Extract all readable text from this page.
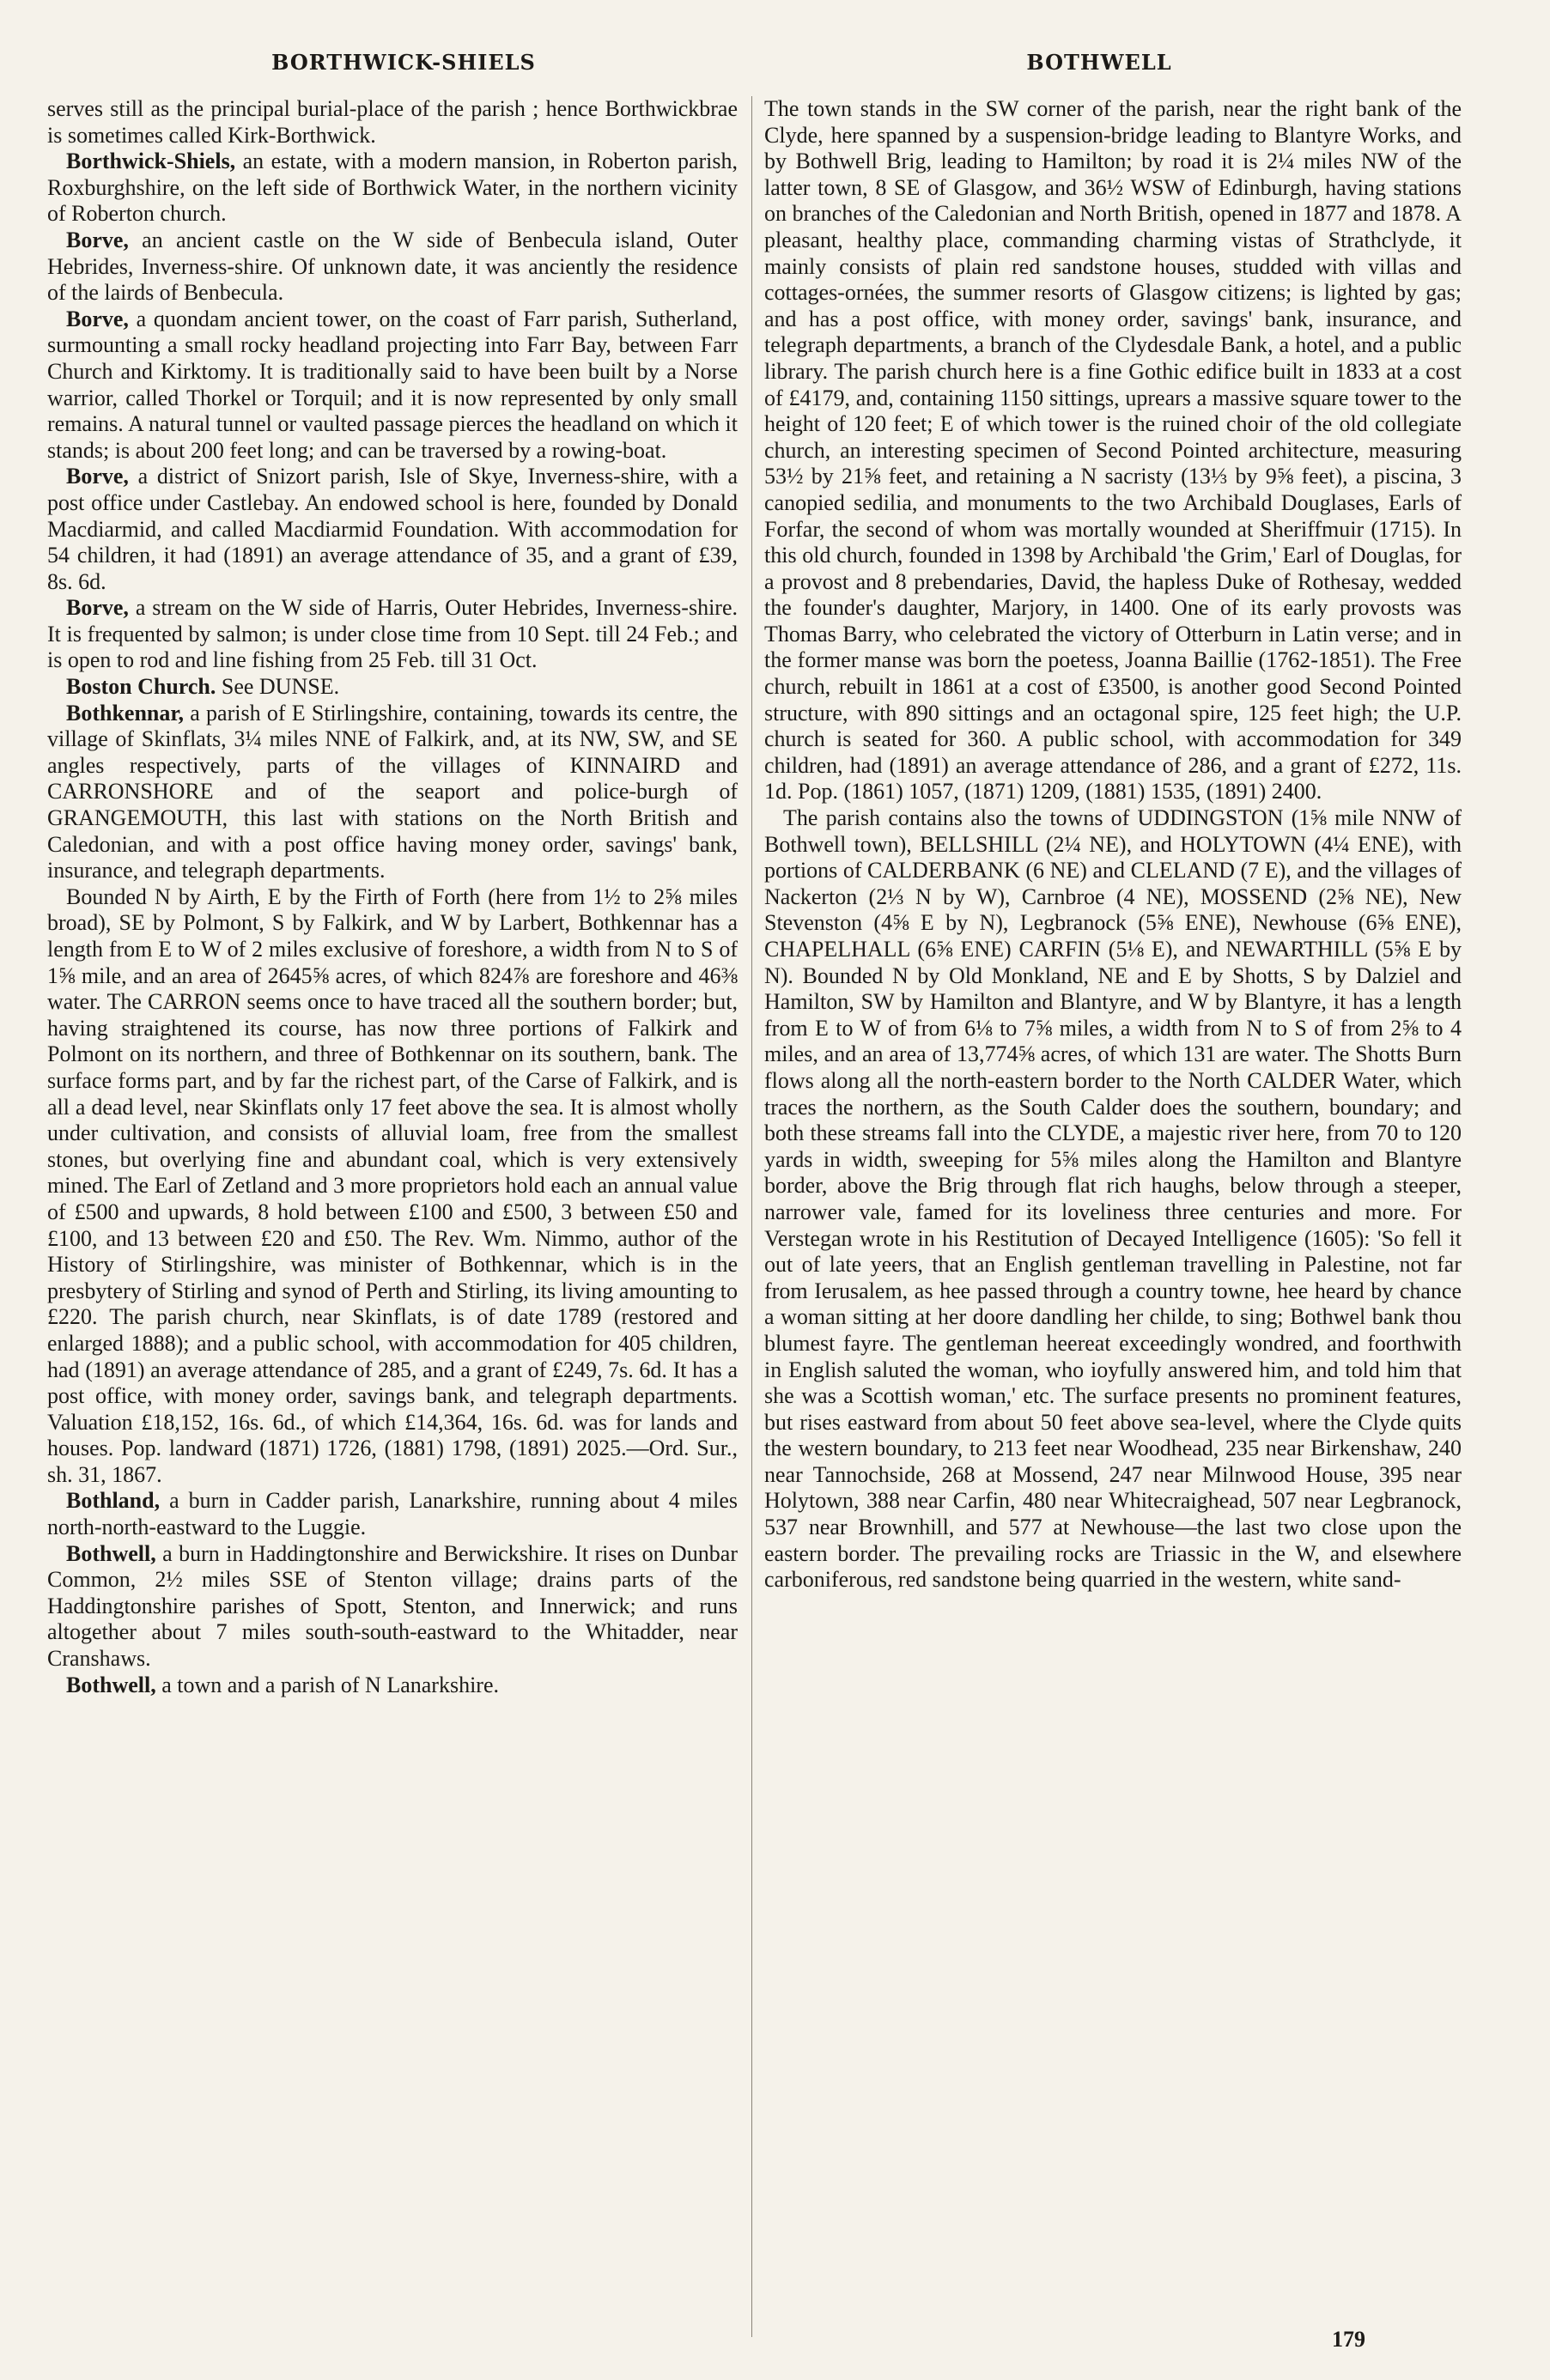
BORTHWICK-SHIELS	BOTHWELL

serves still as the principal burial-place of the parish ; hence Borthwickbrae is sometimes called Kirk-Borthwick.

Borthwick-Shiels, an estate, with a modern mansion, in Roberton parish, Roxburghshire, on the left side of Borthwick Water, in the northern vicinity of Roberton church.

Borve, an ancient castle on the W side of Benbecula island, Outer Hebrides, Inverness-shire. Of unknown date, it was anciently the residence of the lairds of Benbecula.

Borve, a quondam ancient tower, on the coast of Farr parish, Sutherland, surmounting a small rocky headland projecting into Farr Bay, between Farr Church and Kirktomy. It is traditionally said to have been built by a Norse warrior, called Thorkel or Torquil; and it is now represented by only small remains. A natural tunnel or vaulted passage pierces the headland on which it stands; is about 200 feet long; and can be traversed by a rowing-boat.

Borve, a district of Snizort parish, Isle of Skye, Inverness-shire, with a post office under Castlebay. An endowed school is here, founded by Donald Macdiarmid, and called Macdiarmid Foundation. With accommodation for 54 children, it had (1891) an average attendance of 35, and a grant of £39, 8s. 6d.

Borve, a stream on the W side of Harris, Outer Hebrides, Inverness-shire. It is frequented by salmon; is under close time from 10 Sept. till 24 Feb.; and is open to rod and line fishing from 25 Feb. till 31 Oct.

Boston Church. See DUNSE.

Bothkennar, a parish of E Stirlingshire, containing, towards its centre, the village of Skinflats, 3¼ miles NNE of Falkirk, and, at its NW, SW, and SE angles respectively, parts of the villages of KINNAIRD and CARRONSHORE and of the seaport and police-burgh of GRANGEMOUTH, this last with stations on the North British and Caledonian, and with a post office having money order, savings' bank, insurance, and telegraph departments.

Bounded N by Airth, E by the Firth of Forth (here from 1½ to 2⅝ miles broad), SE by Polmont, S by Falkirk, and W by Larbert, Bothkennar has a length from E to W of 2 miles exclusive of foreshore, a width from N to S of 1⅝ mile, and an area of 2645⅝ acres, of which 824⅞ are foreshore and 46⅜ water. The CARRON seems once to have traced all the southern border; but, having straightened its course, has now three portions of Falkirk and Polmont on its northern, and three of Bothkennar on its southern, bank. The surface forms part, and by far the richest part, of the Carse of Falkirk, and is all a dead level, near Skinflats only 17 feet above the sea. It is almost wholly under cultivation, and consists of alluvial loam, free from the smallest stones, but overlying fine and abundant coal, which is very extensively mined. The Earl of Zetland and 3 more proprietors hold each an annual value of £500 and upwards, 8 hold between £100 and £500, 3 between £50 and £100, and 13 between £20 and £50. The Rev. Wm. Nimmo, author of the History of Stirlingshire, was minister of Bothkennar, which is in the presbytery of Stirling and synod of Perth and Stirling, its living amounting to £220. The parish church, near Skinflats, is of date 1789 (restored and enlarged 1888); and a public school, with accommodation for 405 children, had (1891) an average attendance of 285, and a grant of £249, 7s. 6d. It has a post office, with money order, savings bank, and telegraph departments. Valuation £18,152, 16s. 6d., of which £14,364, 16s. 6d. was for lands and houses. Pop. landward (1871) 1726, (1881) 1798, (1891) 2025.—Ord. Sur., sh. 31, 1867.

Bothland, a burn in Cadder parish, Lanarkshire, running about 4 miles north-north-eastward to the Luggie.

Bothwell, a burn in Haddingtonshire and Berwickshire. It rises on Dunbar Common, 2½ miles SSE of Stenton village; drains parts of the Haddingtonshire parishes of Spott, Stenton, and Innerwick; and runs altogether about 7 miles south-south-eastward to the Whitadder, near Cranshaws.

Bothwell, a town and a parish of N Lanarkshire.

The town stands in the SW corner of the parish, near the right bank of the Clyde, here spanned by a suspension-bridge leading to Blantyre Works, and by Bothwell Brig, leading to Hamilton; by road it is 2¼ miles NW of the latter town, 8 SE of Glasgow, and 36½ WSW of Edinburgh, having stations on branches of the Caledonian and North British, opened in 1877 and 1878. A pleasant, healthy place, commanding charming vistas of Strathclyde, it mainly consists of plain red sandstone houses, studded with villas and cottages-ornées, the summer resorts of Glasgow citizens; is lighted by gas; and has a post office, with money order, savings' bank, insurance, and telegraph departments, a branch of the Clydesdale Bank, a hotel, and a public library. The parish church here is a fine Gothic edifice built in 1833 at a cost of £4179, and, containing 1150 sittings, uprears a massive square tower to the height of 120 feet; E of which tower is the ruined choir of the old collegiate church, an interesting specimen of Second Pointed architecture, measuring 53½ by 21⅝ feet, and retaining a N sacristy (13⅓ by 9⅝ feet), a piscina, 3 canopied sedilia, and monuments to the two Archibald Douglases, Earls of Forfar, the second of whom was mortally wounded at Sheriffmuir (1715). In this old church, founded in 1398 by Archibald 'the Grim,' Earl of Douglas, for a provost and 8 prebendaries, David, the hapless Duke of Rothesay, wedded the founder's daughter, Marjory, in 1400. One of its early provosts was Thomas Barry, who celebrated the victory of Otterburn in Latin verse; and in the former manse was born the poetess, Joanna Baillie (1762-1851). The Free church, rebuilt in 1861 at a cost of £3500, is another good Second Pointed structure, with 890 sittings and an octagonal spire, 125 feet high; the U.P. church is seated for 360. A public school, with accommodation for 349 children, had (1891) an average attendance of 286, and a grant of £272, 11s. 1d. Pop. (1861) 1057, (1871) 1209, (1881) 1535, (1891) 2400.

The parish contains also the towns of UDDINGSTON (1⅝ mile NNW of Bothwell town), BELLSHILL (2¼ NE), and HOLYTOWN (4¼ ENE), with portions of CALDERBANK (6 NE) and CLELAND (7 E), and the villages of Nackerton (2⅓ N by W), Carnbroe (4 NE), MOSSEND (2⅝ NE), New Stevenston (4⅝ E by N), Legbranock (5⅝ ENE), Newhouse (6⅝ ENE), CHAPELHALL (6⅝ ENE) CARFIN (5⅛ E), and NEWARTHILL (5⅝ E by N). Bounded N by Old Monkland, NE and E by Shotts, S by Dalziel and Hamilton, SW by Hamilton and Blantyre, and W by Blantyre, it has a length from E to W of from 6⅛ to 7⅝ miles, a width from N to S of from 2⅝ to 4 miles, and an area of 13,774⅝ acres, of which 131 are water. The Shotts Burn flows along all the north-eastern border to the North CALDER Water, which traces the northern, as the South Calder does the southern, boundary; and both these streams fall into the CLYDE, a majestic river here, from 70 to 120 yards in width, sweeping for 5⅝ miles along the Hamilton and Blantyre border, above the Brig through flat rich haughs, below through a steeper, narrower vale, famed for its loveliness three centuries and more. For Verstegan wrote in his Restitution of Decayed Intelligence (1605): 'So fell it out of late yeers, that an English gentleman travelling in Palestine, not far from Ierusalem, as hee passed through a country towne, hee heard by chance a woman sitting at her doore dandling her childe, to sing; Bothwel bank thou blumest fayre. The gentleman heereat exceedingly wondred, and foorthwith in English saluted the woman, who ioyfully answered him, and told him that she was a Scottish woman,' etc. The surface presents no prominent features, but rises eastward from about 50 feet above sea-level, where the Clyde quits the western boundary, to 213 feet near Woodhead, 235 near Birkenshaw, 240 near Tannochside, 268 at Mossend, 247 near Milnwood House, 395 near Holytown, 388 near Carfin, 480 near Whitecraighead, 507 near Legbranock, 537 near Brownhill, and 577 at Newhouse—the last two close upon the eastern border. The prevailing rocks are Triassic in the W, and elsewhere carboniferous, red sandstone being quarried in the western, white sand-

179
